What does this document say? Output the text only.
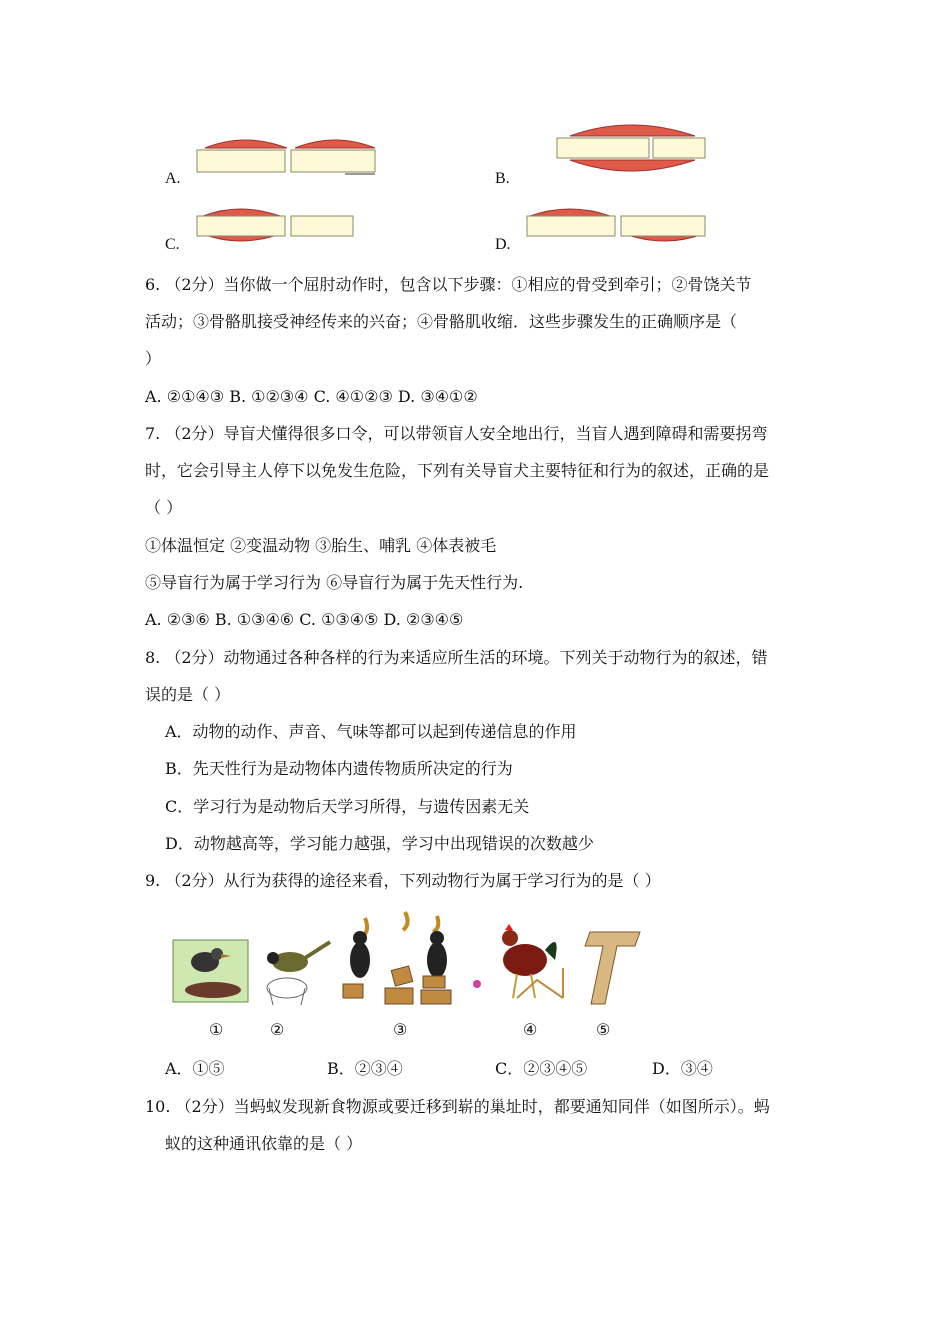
A.	B.
C.	D.
6. （2分）当你做一个屈肘动作时，包含以下步骤：①相应的骨受到牵引；②骨饶关节
活动；③骨骼肌接受神经传来的兴奋；④骨骼肌收缩．这些步骤发生的正确顺序是（
）
A. ②①④③ B. ①②③④ C. ④①②③ D. ③④①②
7. （2分）导盲犬懂得很多口令，可以带领盲人安全地出行，当盲人遇到障碍和需要拐弯
时，它会引导主人停下以免发生危险，下列有关导盲犬主要特征和行为的叙述，正确的是
（ ）
①体温恒定 ②变温动物 ③胎生、哺乳 ④体表被毛
⑤导盲行为属于学习行为 ⑥导盲行为属于先天性行为.
A. ②③⑥ B. ①③④⑥ C. ①③④⑤ D. ②③④⑤
8. （2分）动物通过各种各样的行为来适应所生活的环境。下列关于动物行为的叙述，错
误的是（ ）
A．动物的动作、声音、气味等都可以起到传递信息的作用
B．先天性行为是动物体内遗传物质所决定的行为
C．学习行为是动物后天学习所得，与遗传因素无关
D．动物越高等，学习能力越强，学习中出现错误的次数越少
9. （2分）从行为获得的途径来看，下列动物行为属于学习行为的是（ ）
①	②	③	④	⑤
A．①⑤	B．②③④	C．②③④⑤	D．③④
10. （2分）当蚂蚁发现新食物源或要迁移到崭的巢址时，都要通知同伴（如图所示）。蚂
蚁的这种通讯依靠的是（ ）
